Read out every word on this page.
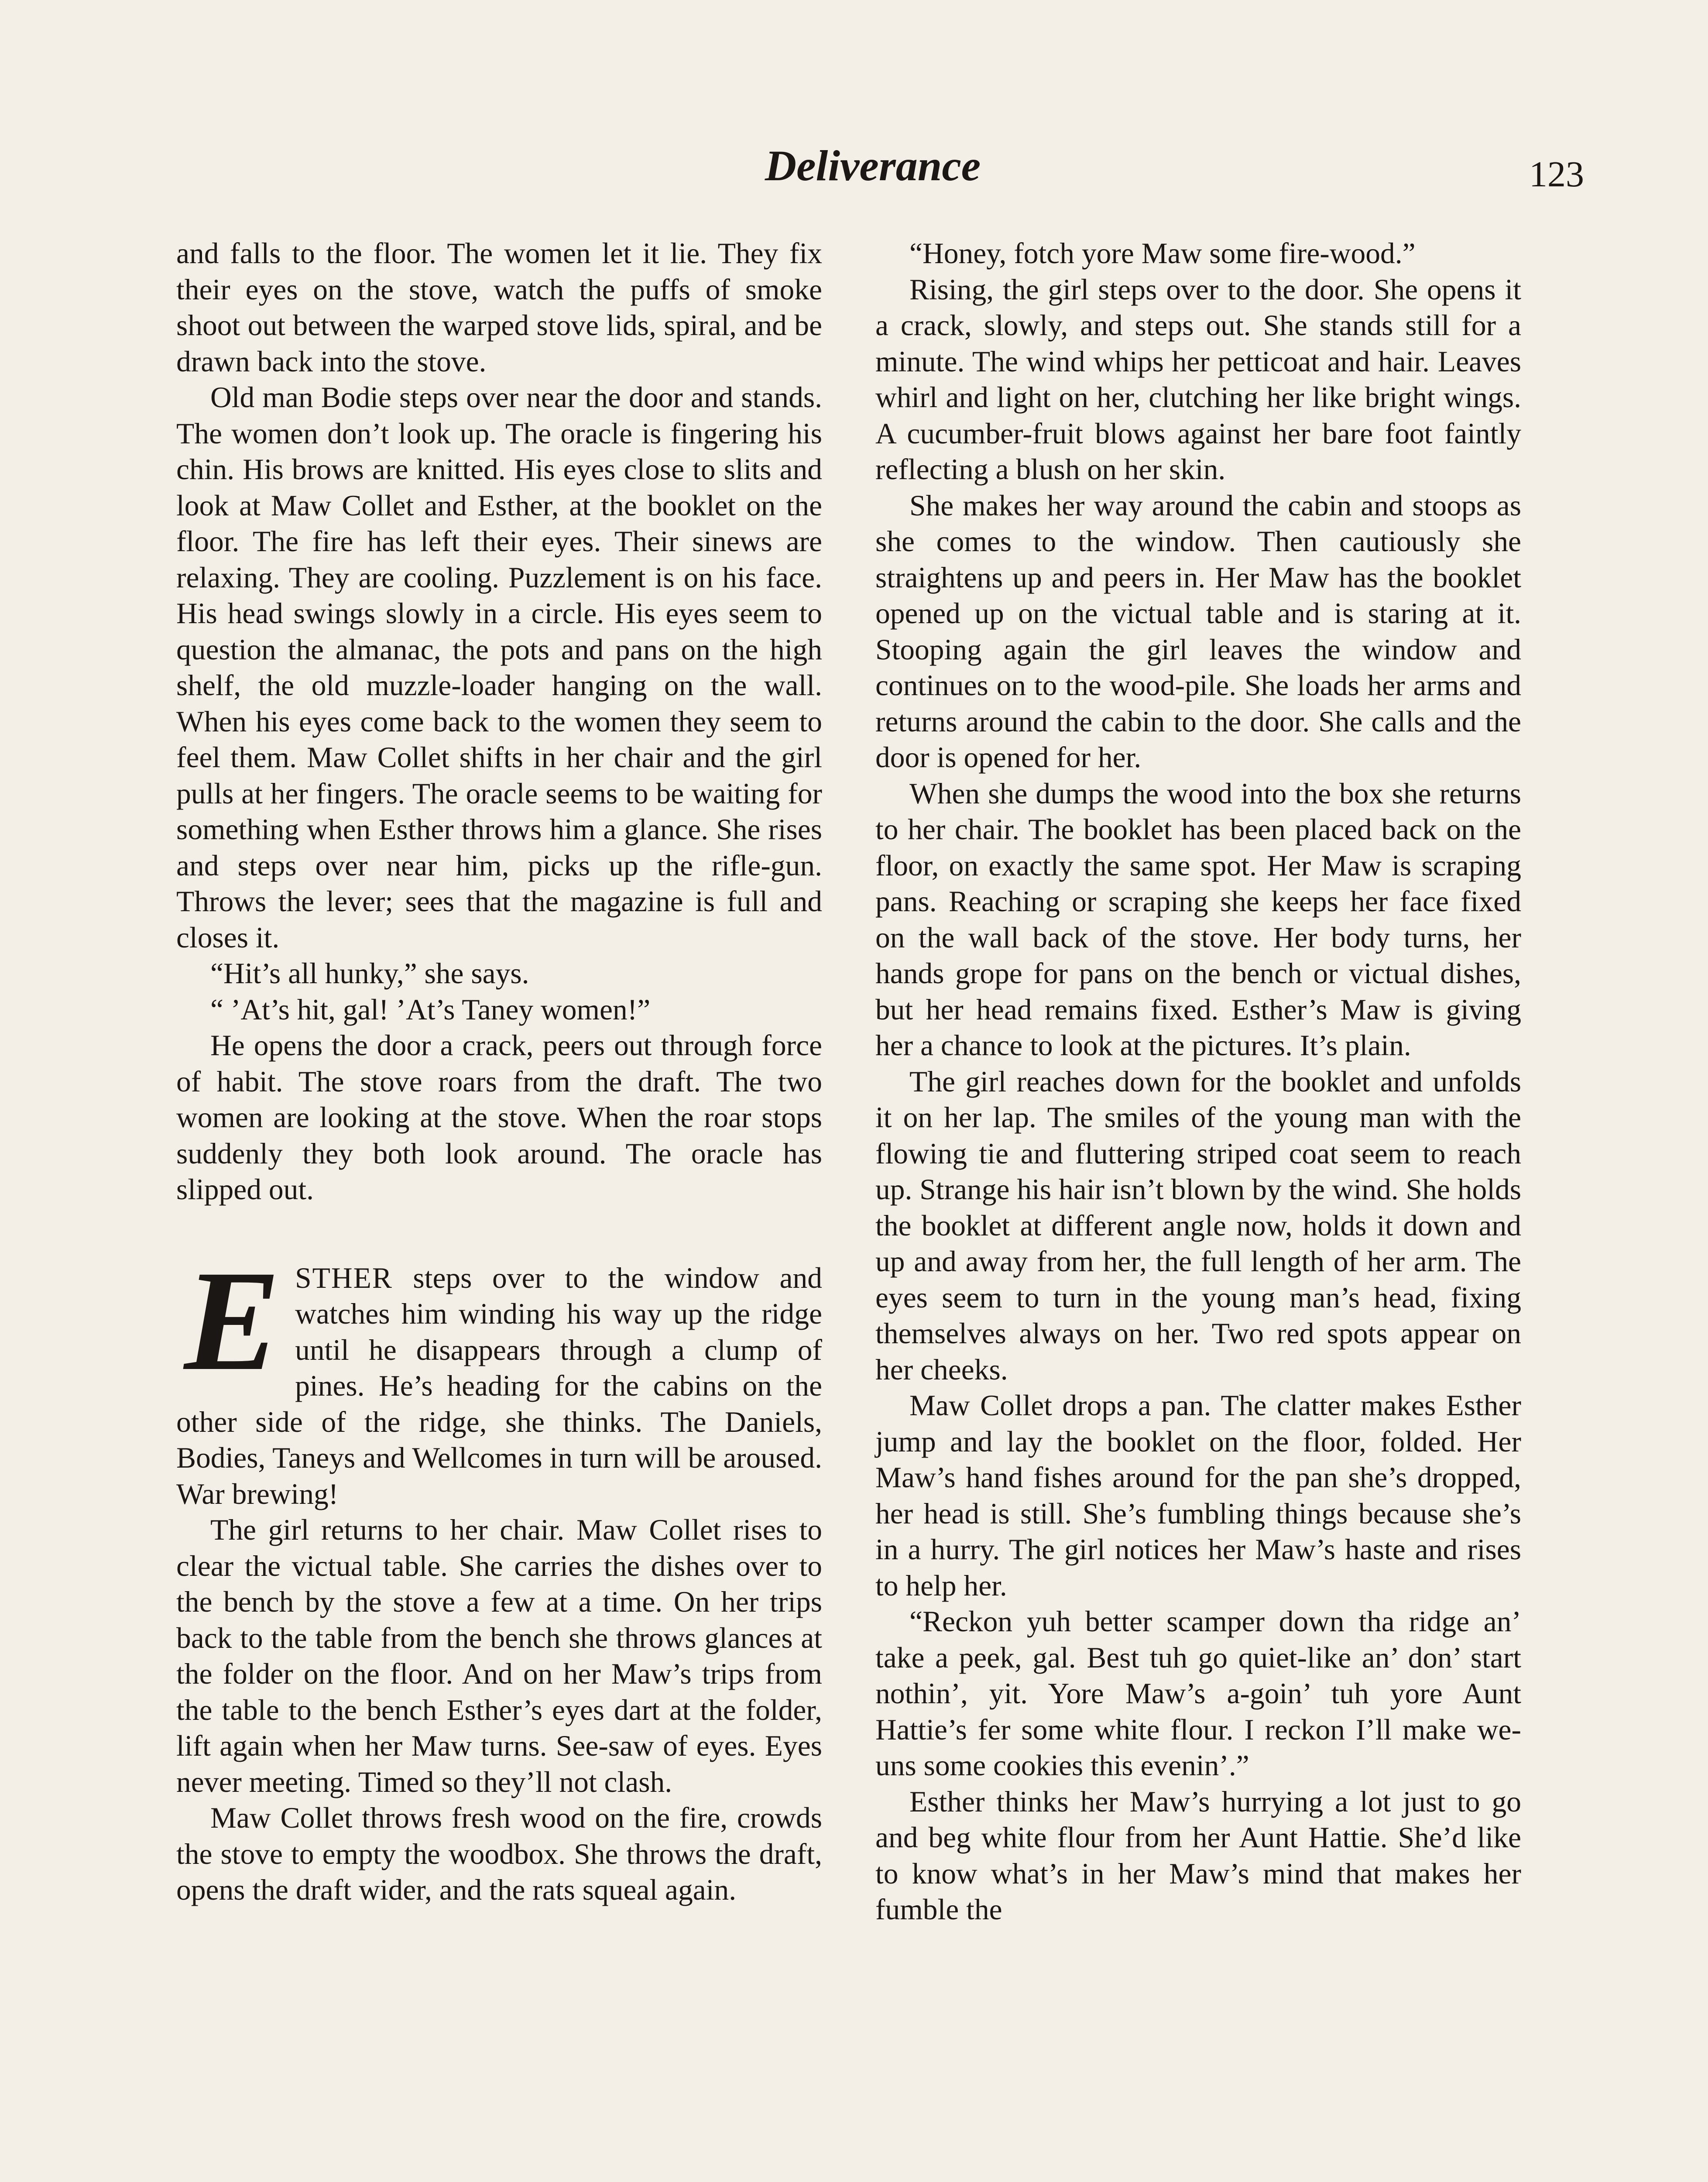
Deliverance	123

and falls to the floor. The women let it lie. They fix their eyes on the stove, watch the puffs of smoke shoot out between the warped stove lids, spiral, and be drawn back into the stove.

Old man Bodie steps over near the door and stands. The women don’t look up. The oracle is fingering his chin. His brows are knitted. His eyes close to slits and look at Maw Collet and Esther, at the booklet on the floor. The fire has left their eyes. Their sinews are relaxing. They are cooling. Puzzlement is on his face. His head swings slowly in a circle. His eyes seem to question the almanac, the pots and pans on the high shelf, the old muzzle-loader hanging on the wall. When his eyes come back to the women they seem to feel them. Maw Collet shifts in her chair and the girl pulls at her fingers. The oracle seems to be waiting for something when Esther throws him a glance. She rises and steps over near him, picks up the rifle-gun. Throws the lever; sees that the magazine is full and closes it.

“Hit’s all hunky,” she says.

“ ’At’s hit, gal! ’At’s Taney women!”

He opens the door a crack, peers out through force of habit. The stove roars from the draft. The two women are looking at the stove. When the roar stops suddenly they both look around. The oracle has slipped out.

ESTHER steps over to the window and watches him winding his way up the ridge until he disappears through a clump of pines. He’s heading for the cabins on the other side of the ridge, she thinks. The Daniels, Bodies, Taneys and Wellcomes in turn will be aroused. War brewing!

The girl returns to her chair. Maw Collet rises to clear the victual table. She carries the dishes over to the bench by the stove a few at a time. On her trips back to the table from the bench she throws glances at the folder on the floor. And on her Maw’s trips from the table to the bench Esther’s eyes dart at the folder, lift again when her Maw turns. See-saw of eyes. Eyes never meeting. Timed so they’ll not clash.

Maw Collet throws fresh wood on the fire, crowds the stove to empty the woodbox. She throws the draft, opens the draft wider, and the rats squeal again.

“Honey, fotch yore Maw some fire-wood.”

Rising, the girl steps over to the door. She opens it a crack, slowly, and steps out. She stands still for a minute. The wind whips her petticoat and hair. Leaves whirl and light on her, clutching her like bright wings. A cucumber-fruit blows against her bare foot faintly reflecting a blush on her skin.

She makes her way around the cabin and stoops as she comes to the window. Then cautiously she straightens up and peers in. Her Maw has the booklet opened up on the victual table and is staring at it. Stooping again the girl leaves the window and continues on to the wood-pile. She loads her arms and returns around the cabin to the door. She calls and the door is opened for her.

When she dumps the wood into the box she returns to her chair. The booklet has been placed back on the floor, on exactly the same spot. Her Maw is scraping pans. Reaching or scraping she keeps her face fixed on the wall back of the stove. Her body turns, her hands grope for pans on the bench or victual dishes, but her head remains fixed. Esther’s Maw is giving her a chance to look at the pictures. It’s plain.

The girl reaches down for the booklet and unfolds it on her lap. The smiles of the young man with the flowing tie and fluttering striped coat seem to reach up. Strange his hair isn’t blown by the wind. She holds the booklet at different angle now, holds it down and up and away from her, the full length of her arm. The eyes seem to turn in the young man’s head, fixing themselves always on her. Two red spots appear on her cheeks.

Maw Collet drops a pan. The clatter makes Esther jump and lay the booklet on the floor, folded. Her Maw’s hand fishes around for the pan she’s dropped, her head is still. She’s fumbling things because she’s in a hurry. The girl notices her Maw’s haste and rises to help her.

“Reckon yuh better scamper down tha ridge an’ take a peek, gal. Best tuh go quiet-like an’ don’ start nothin’, yit. Yore Maw’s a-goin’ tuh yore Aunt Hattie’s fer some white flour. I reckon I’ll make we-uns some cookies this evenin’.”

Esther thinks her Maw’s hurrying a lot just to go and beg white flour from her Aunt Hattie. She’d like to know what’s in her Maw’s mind that makes her fumble the
